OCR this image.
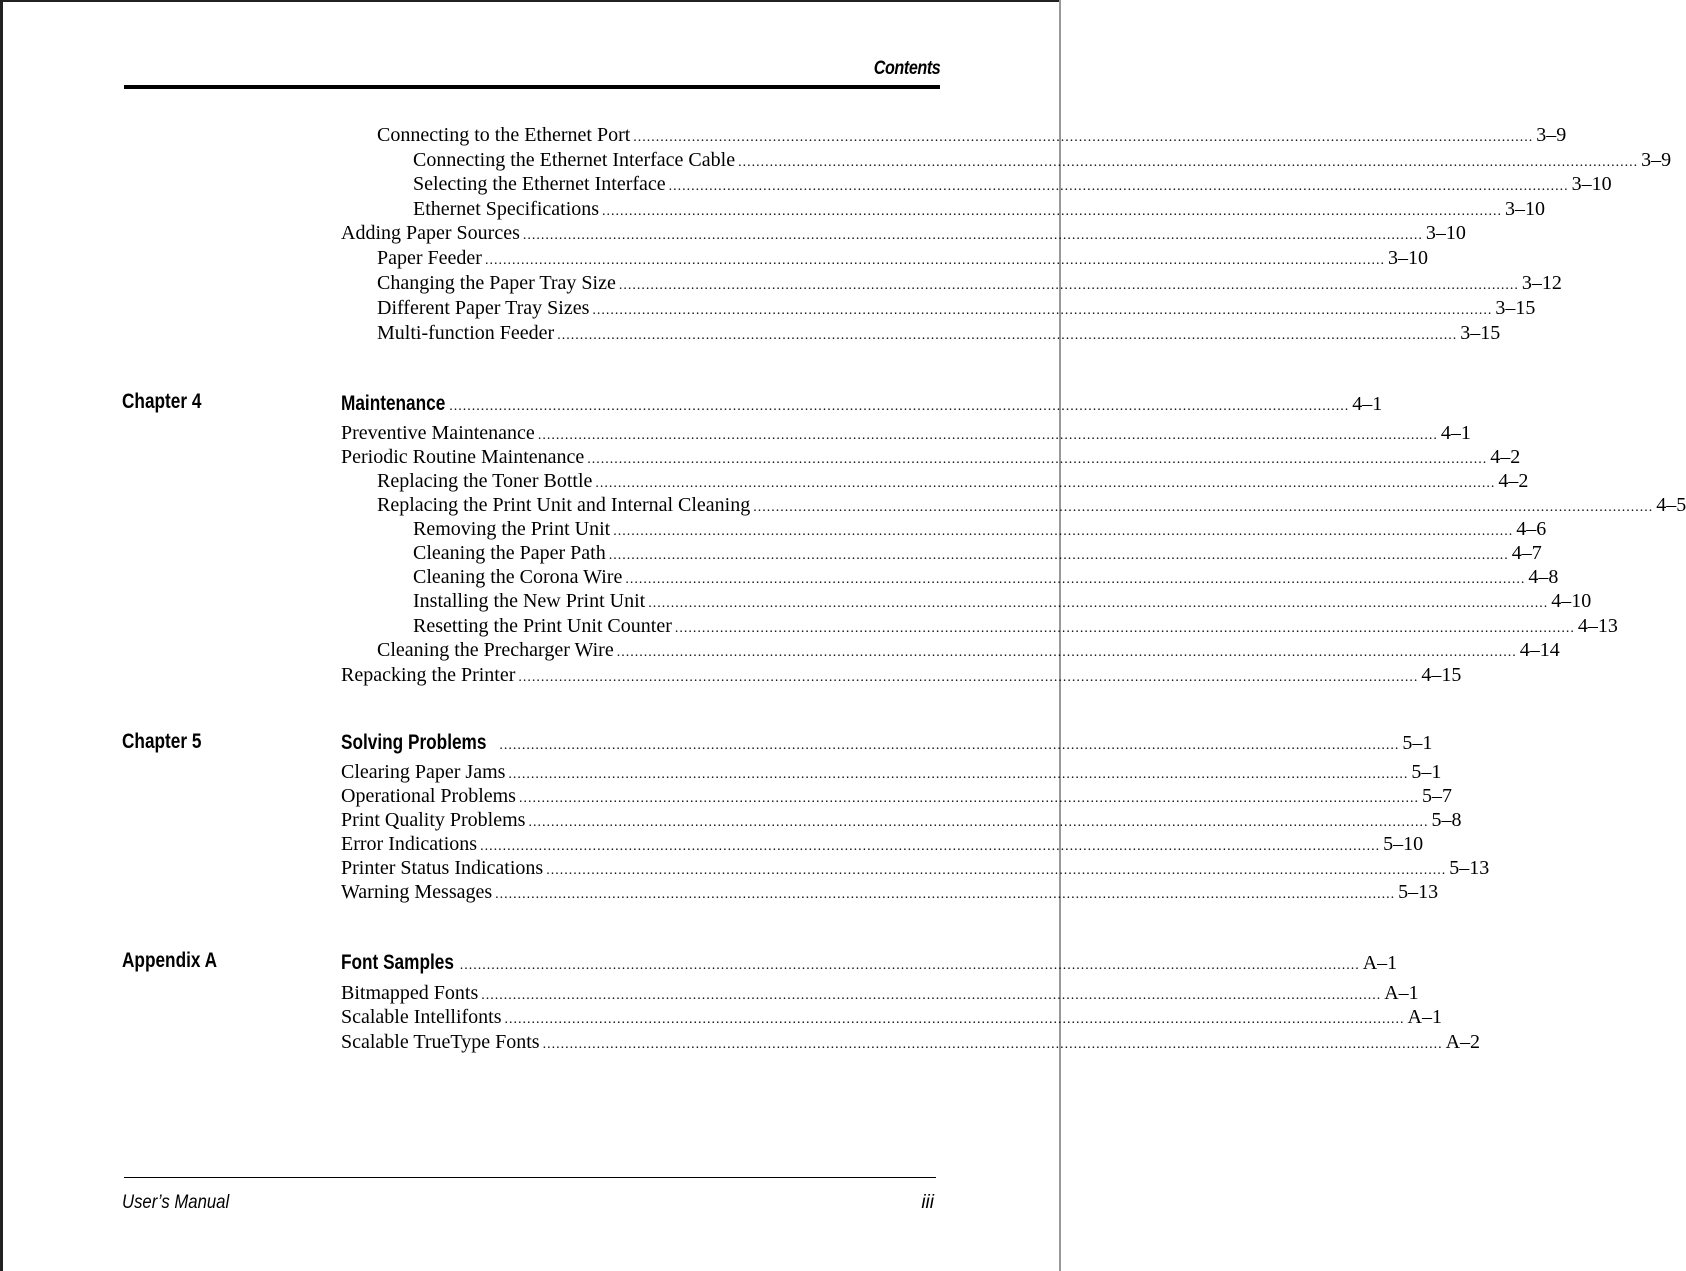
Contents
Connecting to the Ethernet Port ........................................................................................................................................................................................................ 3–9
Connecting the Ethernet Interface Cable ........................................................................................................................................................................................................ 3–9
Selecting the Ethernet Interface ........................................................................................................................................................................................................ 3–10
Ethernet Specifications ........................................................................................................................................................................................................ 3–10
Adding Paper Sources ........................................................................................................................................................................................................ 3–10
Paper Feeder ........................................................................................................................................................................................................ 3–10
Changing the Paper Tray Size ........................................................................................................................................................................................................ 3–12
Different Paper Tray Sizes ........................................................................................................................................................................................................ 3–15
Multi-function Feeder ........................................................................................................................................................................................................ 3–15
Chapter 4	Maintenance ........................................................................................................................................................................................................ 4–1
Preventive Maintenance ........................................................................................................................................................................................................ 4–1
Periodic Routine Maintenance ........................................................................................................................................................................................................ 4–2
Replacing the Toner Bottle ........................................................................................................................................................................................................ 4–2
Replacing the Print Unit and Internal Cleaning ........................................................................................................................................................................................................ 4–5
Removing the Print Unit ........................................................................................................................................................................................................ 4–6
Cleaning the Paper Path ........................................................................................................................................................................................................ 4–7
Cleaning the Corona Wire ........................................................................................................................................................................................................ 4–8
Installing the New Print Unit ........................................................................................................................................................................................................ 4–10
Resetting the Print Unit Counter ........................................................................................................................................................................................................ 4–13
Cleaning the Precharger Wire ........................................................................................................................................................................................................ 4–14
Repacking the Printer ........................................................................................................................................................................................................ 4–15
Chapter 5	Solving Problems ........................................................................................................................................................................................................ 5–1
Clearing Paper Jams ........................................................................................................................................................................................................ 5–1
Operational Problems ........................................................................................................................................................................................................ 5–7
Print Quality Problems ........................................................................................................................................................................................................ 5–8
Error Indications ........................................................................................................................................................................................................ 5–10
Printer Status Indications ........................................................................................................................................................................................................ 5–13
Warning Messages ........................................................................................................................................................................................................ 5–13
Appendix A	Font Samples ........................................................................................................................................................................................................ A–1
Bitmapped Fonts ........................................................................................................................................................................................................ A–1
Scalable Intellifonts ........................................................................................................................................................................................................ A–1
Scalable TrueType Fonts ........................................................................................................................................................................................................ A–2
User’s Manual	iii
